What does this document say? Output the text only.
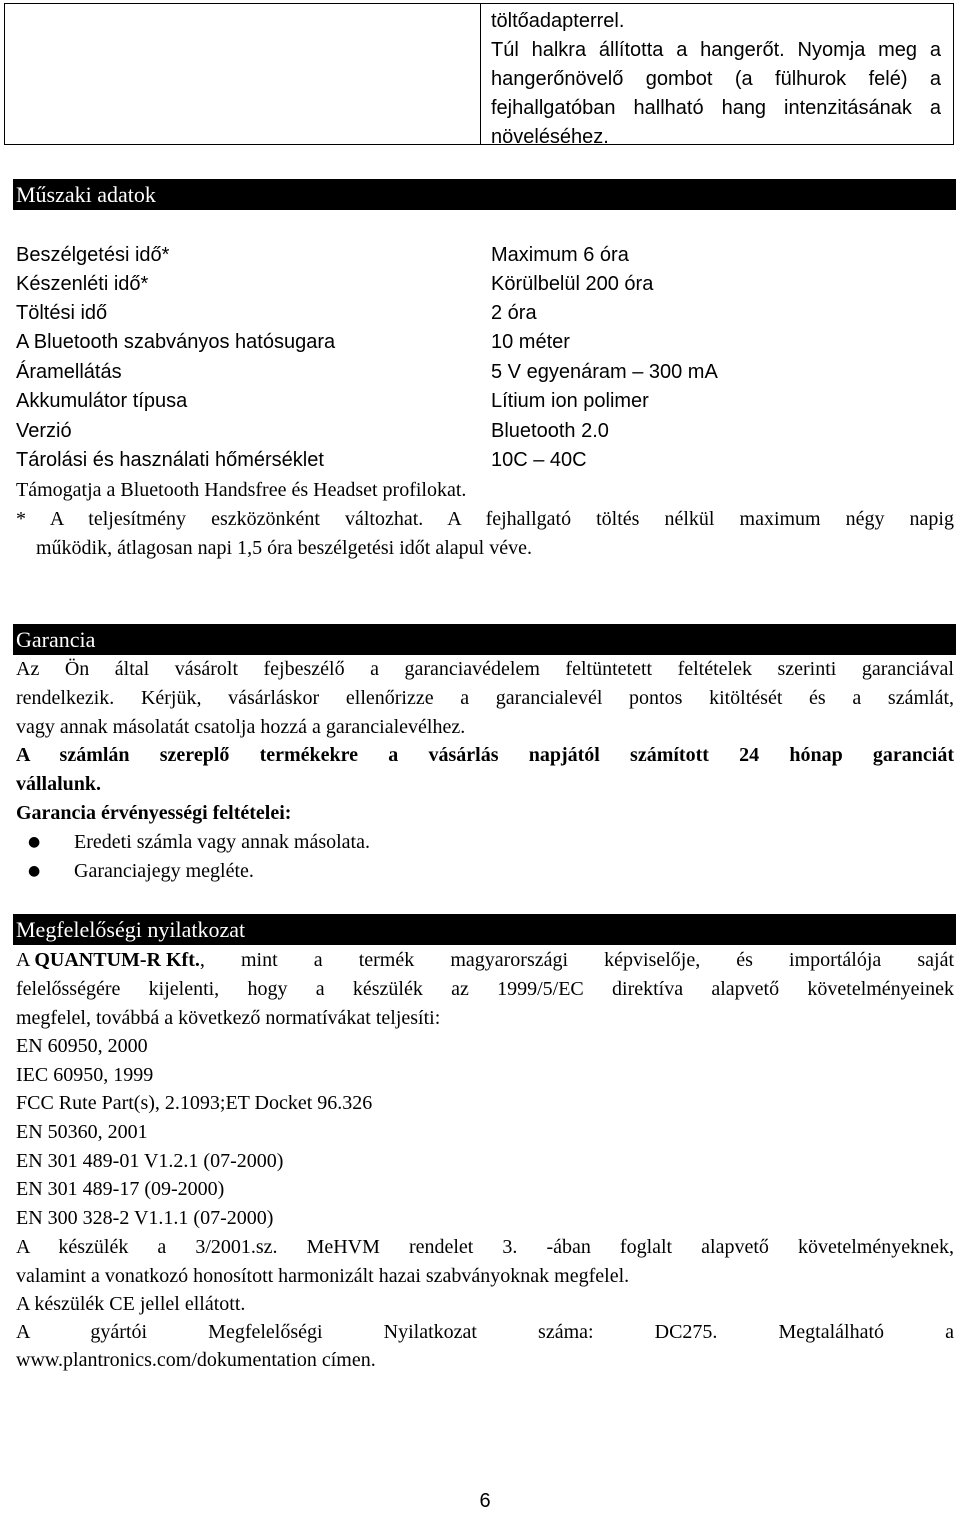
töltőadapterrel.
Túl halkra állította a hangerőt. Nyomja meg a
hangerőnövelő gombot (a fülhurok felé) a
fejhallgatóban hallható hang intenzitásának a
növeléséhez.
Műszaki adatok
Beszélgetési idő*	Maximum 6 óra
Készenléti idő*	Körülbelül 200 óra
Töltési idő	2 óra
A Bluetooth szabványos hatósugara	10 méter
Áramellátás	5 V egyenáram – 300 mA
Akkumulátor típusa	Lítium ion polimer
Verzió	Bluetooth 2.0
Tárolási és használati hőmérséklet	10C – 40C
Támogatja a Bluetooth Handsfree és Headset profilokat.
* A teljesítmény eszközönként változhat. A fejhallgató töltés nélkül maximum négy napig
működik, átlagosan napi 1,5 óra beszélgetési időt alapul véve.
Garancia
Az Ön által vásárolt fejbeszélő a garanciavédelem feltüntetett feltételek szerinti garanciával
rendelkezik. Kérjük, vásárláskor ellenőrizze a garancialevél pontos kitöltését és a számlát,
vagy annak másolatát csatolja hozzá a garancialevélhez.
A számlán szereplő termékekre a vásárlás napjától számított 24 hónap garanciát
vállalunk.
Garancia érvényességi feltételei:
● Eredeti számla vagy annak másolata.
● Garanciajegy megléte.
Megfelelőségi nyilatkozat
A QUANTUM-R Kft. , mint a termék magyarországi képviselője, és importálója saját
felelősségére kijelenti, hogy a készülék az 1999/5/EC direktíva alapvető követelményeinek
megfelel, továbbá a következő normatívákat teljesíti:
EN 60950, 2000
IEC 60950, 1999
FCC Rute Part(s), 2.1093;ET Docket 96.326
EN 50360, 2001
EN 301 489-01 V1.2.1 (07-2000)
EN 301 489-17 (09-2000)
EN 300 328-2 V1.1.1 (07-2000)
A készülék a 3/2001.sz. MeHVM rendelet 3. -ában foglalt alapvető követelményeknek,
valamint a vonatkozó honosított harmonizált hazai szabványoknak megfelel.
A készülék CE jellel ellátott.
A gyártói Megfelelőségi Nyilatkozat száma: DC275. Megtalálható a
www.plantronics.com/dokumentation címen.
6
